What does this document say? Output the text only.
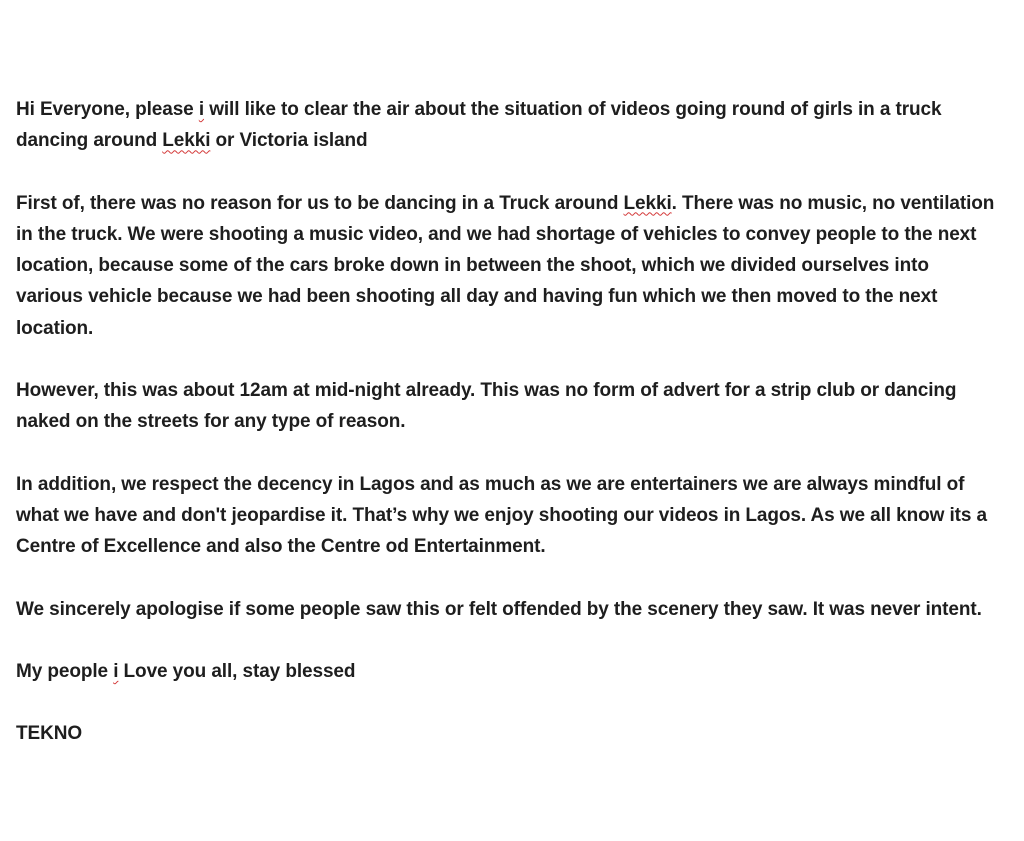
Hi Everyone, please i will like to clear the air about the situation of videos going round of girls in a truck dancing around Lekki or Victoria island

First of, there was no reason for us to be dancing in a Truck around Lekki. There was no music, no ventilation in the truck. We were shooting a music video, and we had shortage of vehicles to convey people to the next location, because some of the cars broke down in between the shoot, which we divided ourselves into various vehicle because we had been shooting all day and having fun which we then moved to the next location.

However, this was about 12am at mid-night already. This was no form of advert for a strip club or dancing naked on the streets for any type of reason.

In addition, we respect the decency in Lagos and as much as we are entertainers we are always mindful of what we have and don't jeopardise it. That’s why we enjoy shooting our videos in Lagos. As we all know its a Centre of Excellence and also the Centre od Entertainment.

We sincerely apologise if some people saw this or felt offended by the scenery they saw. It was never intent.

My people i Love you all, stay blessed

TEKNO
